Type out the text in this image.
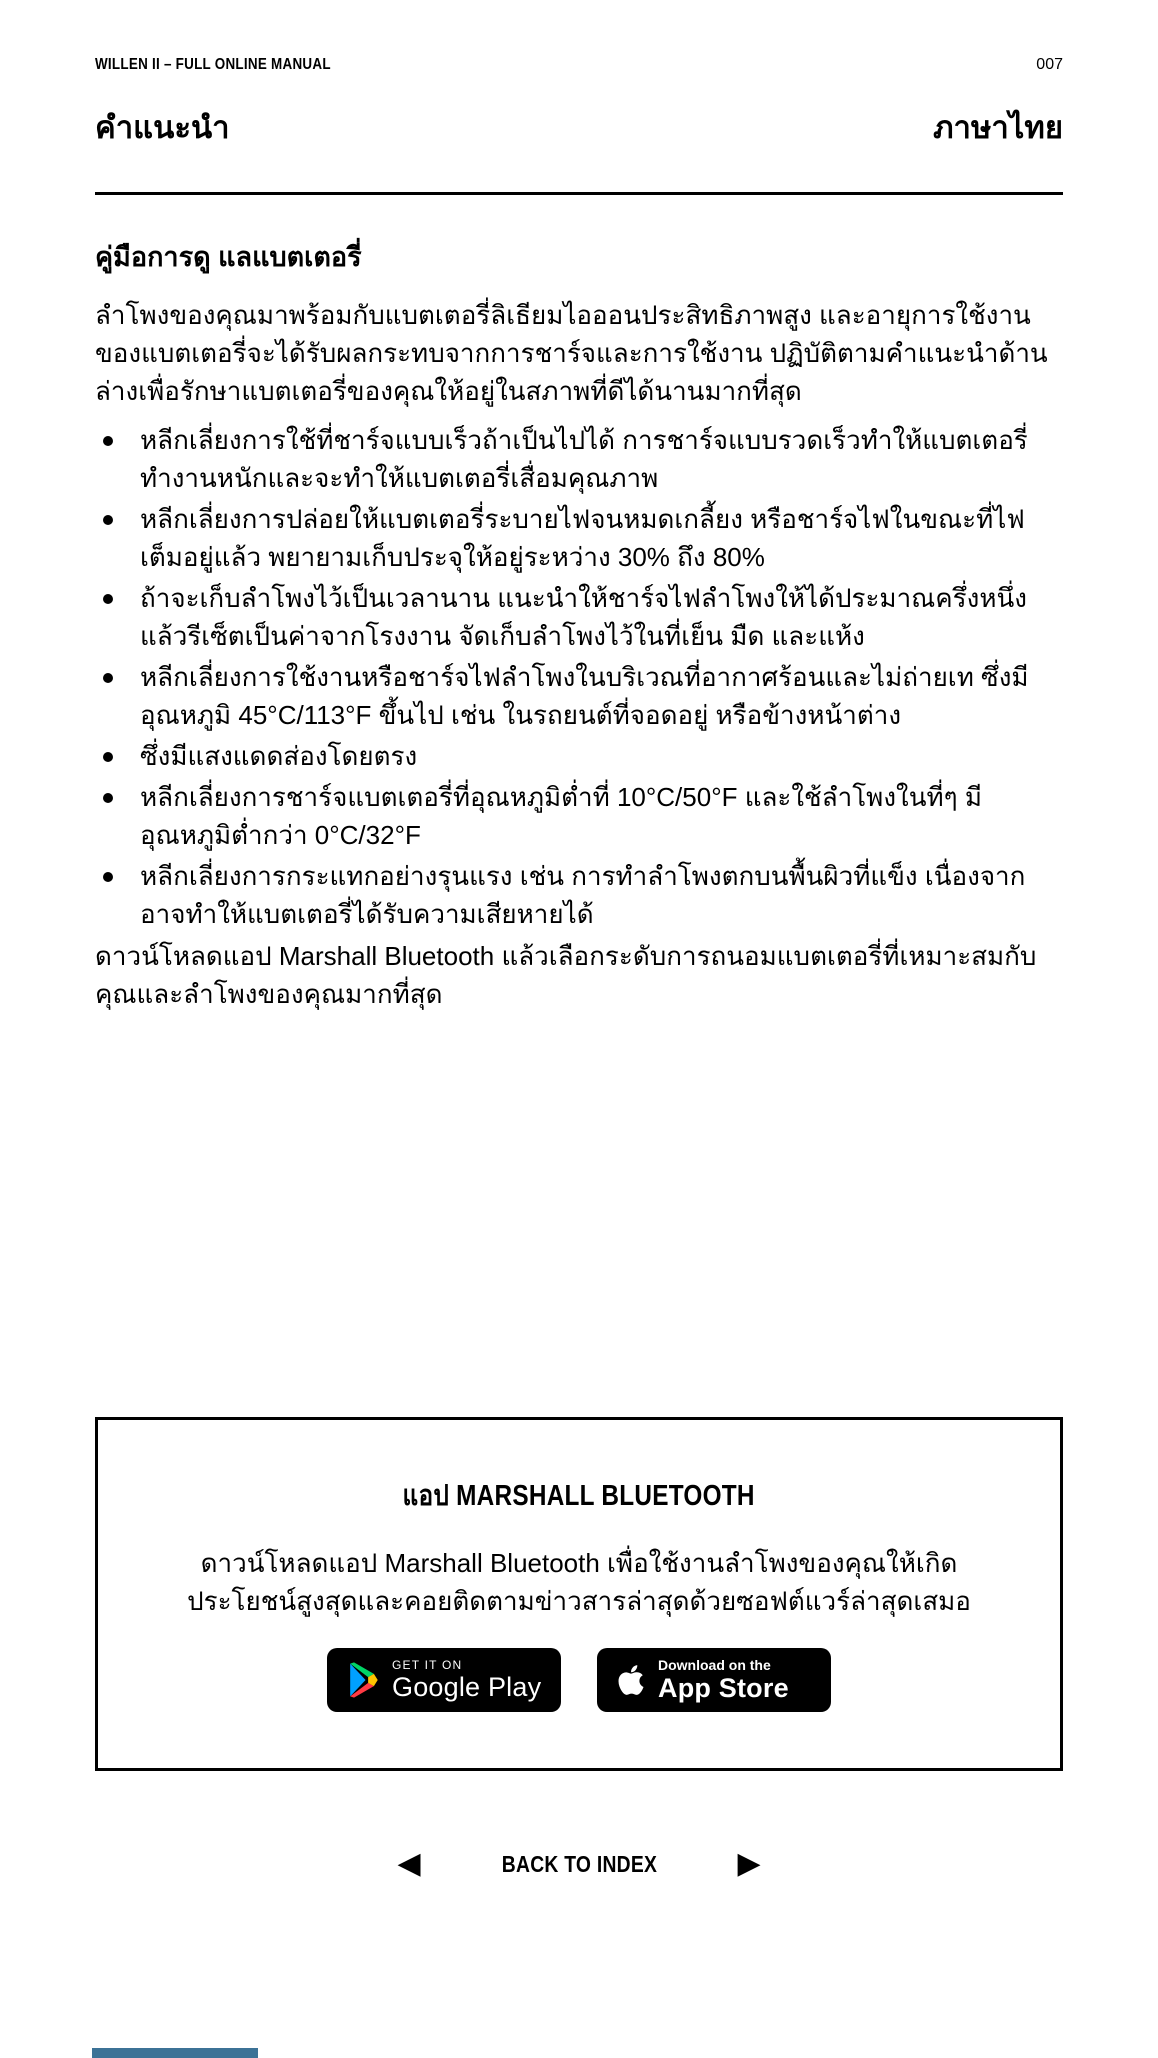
WILLEN II – FULL ONLINE MANUAL	007
คำแนะนำ	ภาษาไทย
คู่มือการดู แลแบตเตอรี่

ลำโพงของคุณมาพร้อมกับแบตเตอรี่ลิเธียมไอออนประสิทธิภาพสูง และอายุการใช้งานของแบตเตอรี่จะได้รับผลกระทบจากการชาร์จและการใช้งาน ปฏิบัติตามคำแนะนำด้านล่างเพื่อรักษาแบตเตอรี่ของคุณให้อยู่ในสภาพที่ดีได้นานมากที่สุด

หลีกเลี่ยงการใช้ที่ชาร์จแบบเร็วถ้าเป็นไปได้ การชาร์จแบบรวดเร็วทำให้แบตเตอรี่ทำงานหนักและจะทำให้แบตเตอรี่เสื่อมคุณภาพ
หลีกเลี่ยงการปล่อยให้แบตเตอรี่ระบายไฟจนหมดเกลี้ยง หรือชาร์จไฟในขณะที่ไฟเต็มอยู่แล้ว พยายามเก็บประจุให้อยู่ระหว่าง 30% ถึง 80%
ถ้าจะเก็บลำโพงไว้เป็นเวลานาน แนะนำให้ชาร์จไฟลำโพงให้ได้ประมาณครึ่งหนึ่ง แล้วรีเซ็ตเป็นค่าจากโรงงาน จัดเก็บลำโพงไว้ในที่เย็น มืด และแห้ง
หลีกเลี่ยงการใช้งานหรือชาร์จไฟลำโพงในบริเวณที่อากาศร้อนและไม่ถ่ายเท ซึ่งมีอุณหภูมิ 45°C/113°F ขึ้นไป เช่น ในรถยนต์ที่จอดอยู่ หรือข้างหน้าต่าง
ซึ่งมีแสงแดดส่องโดยตรง
หลีกเลี่ยงการชาร์จแบตเตอรี่ที่อุณหภูมิต่ำที่ 10°C/50°F และใช้ลำโพงในที่ๆ มีอุณหภูมิต่ำกว่า 0°C/32°F
หลีกเลี่ยงการกระแทกอย่างรุนแรง เช่น การทำลำโพงตกบนพื้นผิวที่แข็ง เนื่องจากอาจทำให้แบตเตอรี่ได้รับความเสียหายได้

ดาวน์โหลดแอป Marshall Bluetooth แล้วเลือกระดับการถนอมแบตเตอรี่ที่เหมาะสมกับคุณและลำโพงของคุณมากที่สุด

แอป MARSHALL BLUETOOTH

ดาวน์โหลดแอป Marshall Bluetooth เพื่อใช้งานลำโพงของคุณให้เกิดประโยชน์สูงสุดและคอยติดตามข่าวสารล่าสุดด้วยซอฟต์แวร์ล่าสุดเสมอ

GET IT ON
Google Play
Download on the
App Store
◀	BACK TO INDEX	▶
